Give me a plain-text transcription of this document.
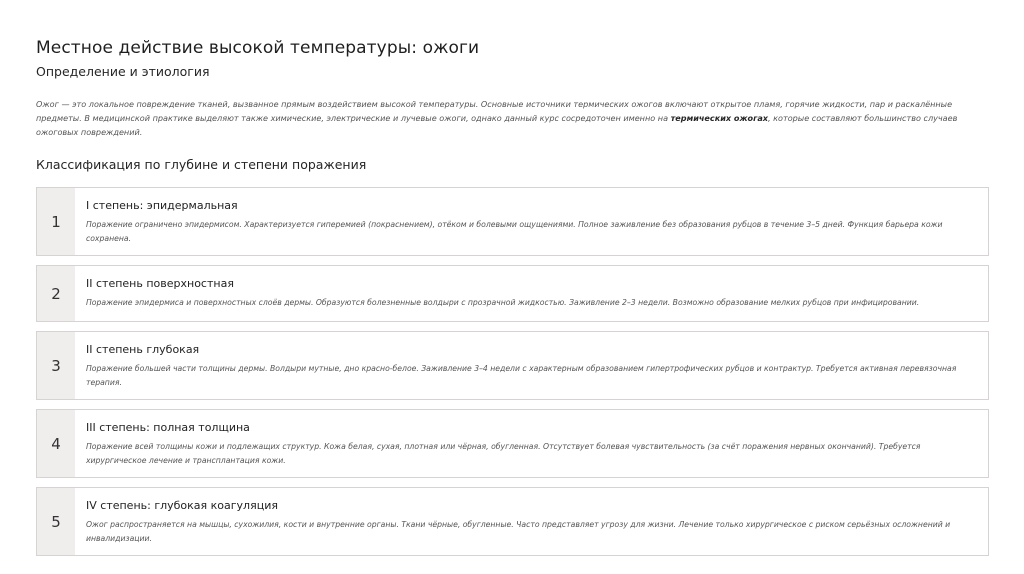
Местное действие высокой температуры: ожоги
Определение и этиология
Ожог — это локальное повреждение тканей, вызванное прямым воздействием высокой температуры. Основные источники термических ожогов включают открытое пламя, горячие жидкости, пар и раскалённые предметы. В медицинской практике выделяют также химические, электрические и лучевые ожоги, однако данный курс сосредоточен именно на термических ожогах, которые составляют большинство случаев ожоговых повреждений.
Классификация по глубине и степени поражения
1
I степень: эпидермальная
Поражение ограничено эпидермисом. Характеризуется гиперемией (покраснением), отёком и болевыми ощущениями. Полное заживление без образования рубцов в течение 3–5 дней. Функция барьера кожи сохранена.
2
II степень поверхностная
Поражение эпидермиса и поверхностных слоёв дермы. Образуются болезненные волдыри с прозрачной жидкостью. Заживление 2–3 недели. Возможно образование мелких рубцов при инфицировании.
3
II степень глубокая
Поражение большей части толщины дермы. Волдыри мутные, дно красно-белое. Заживление 3–4 недели с характерным образованием гипертрофических рубцов и контрактур. Требуется активная перевязочная терапия.
4
III степень: полная толщина
Поражение всей толщины кожи и подлежащих структур. Кожа белая, сухая, плотная или чёрная, обугленная. Отсутствует болевая чувствительность (за счёт поражения нервных окончаний). Требуется хирургическое лечение и трансплантация кожи.
5
IV степень: глубокая коагуляция
Ожог распространяется на мышцы, сухожилия, кости и внутренние органы. Ткани чёрные, обугленные. Часто представляет угрозу для жизни. Лечение только хирургическое с риском серьёзных осложнений и инвалидизации.
